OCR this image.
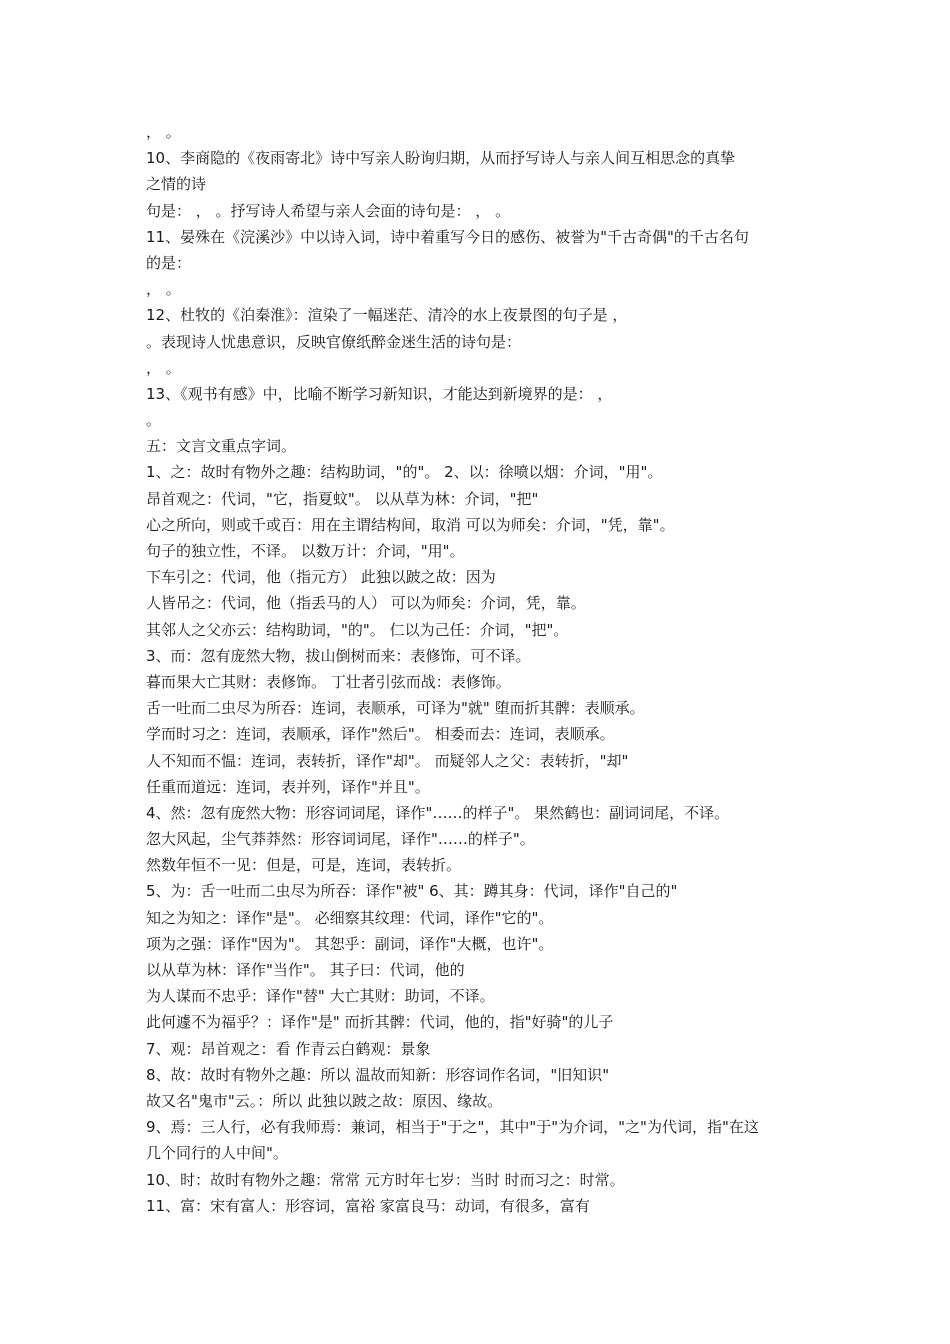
， 。
10、李商隐的《夜雨寄北》诗中写亲人盼询归期，从而抒写诗人与亲人间互相思念的真挚
之情的诗
句是： ， 。抒写诗人希望与亲人会面的诗句是： ， 。
11、晏殊在《浣溪沙》中以诗入词，诗中着重写今日的感伤、被誉为"千古奇偶"的千古名句
的是：
， 。
12、杜牧的《泊秦淮》：渲染了一幅迷茫、清冷的水上夜景图的句子是 ，
。表现诗人忧患意识，反映官僚纸醉金迷生活的诗句是：
， 。
13、《观书有感》中，比喻不断学习新知识，才能达到新境界的是： ，
。
五：文言文重点字词。
1、之：故时有物外之趣：结构助词，"的"。 2、以：徐喷以烟：介词，"用"。
昂首观之：代词，"它，指夏蚊"。 以从草为林：介词，"把"
心之所向，则或千或百：用在主谓结构间，取消 可以为师矣：介词，"凭，靠"。
句子的独立性，不译。 以数万计：介词，"用"。
下车引之：代词，他（指元方） 此独以跛之故：因为
人皆吊之：代词，他（指丢马的人） 可以为师矣：介词，凭，靠。
其邻人之父亦云：结构助词，"的"。 仁以为己任：介词，"把"。
3、而：忽有庞然大物，拔山倒树而来：表修饰，可不译。
暮而果大亡其财：表修饰。 丁壮者引弦而战：表修饰。
舌一吐而二虫尽为所吞：连词，表顺承，可译为"就" 堕而折其髀：表顺承。
学而时习之：连词，表顺承，译作"然后"。 相委而去：连词，表顺承。
人不知而不愠：连词，表转折，译作"却"。 而疑邻人之父：表转折，"却"
任重而道远：连词，表并列，译作"并且"。
4、然：忽有庞然大物：形容词词尾，译作"……的样子"。 果然鹤也：副词词尾，不译。
忽大风起，尘气莽莽然：形容词词尾，译作"……的样子"。
然数年恒不一见：但是，可是，连词，表转折。
5、为：舌一吐而二虫尽为所吞：译作"被" 6、其：蹲其身：代词，译作"自己的"
知之为知之：译作"是"。 必细察其纹理：代词，译作"它的"。
项为之强：译作"因为"。 其恕乎：副词，译作"大概，也许"。
以从草为林：译作"当作"。 其子曰：代词，他的
为人谋而不忠乎：译作"替" 大亡其财：助词，不译。
此何遽不为福乎？：译作"是" 而折其髀：代词，他的，指"好骑"的儿子
7、观：昂首观之：看 作青云白鹤观：景象
8、故：故时有物外之趣：所以 温故而知新：形容词作名词，"旧知识"
故又名"鬼市"云。：所以 此独以跛之故：原因、缘故。
9、焉：三人行，必有我师焉：兼词，相当于"于之"，其中"于"为介词，"之"为代词，指"在这
几个同行的人中间"。
10、时：故时有物外之趣：常常 元方时年七岁：当时 时而习之：时常。
11、富：宋有富人：形容词，富裕 家富良马：动词，有很多，富有
